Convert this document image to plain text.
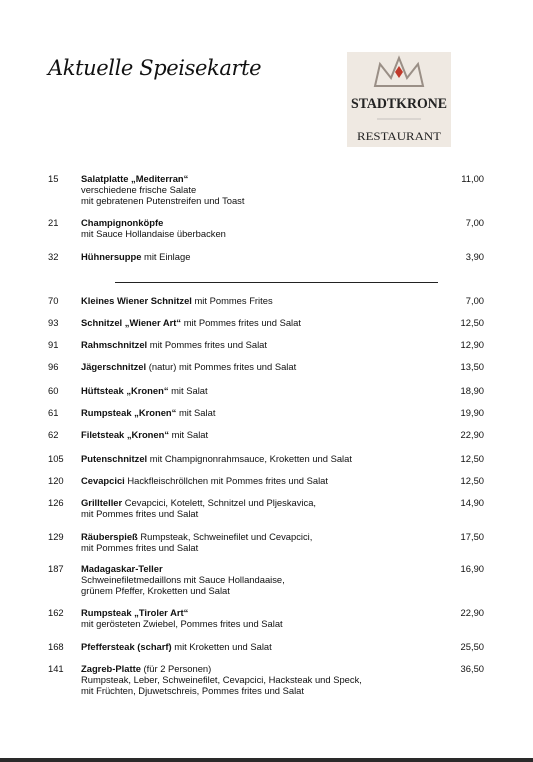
Aktuelle Speisekarte
STADTKRONE
RESTAURANT
15	Salatplatte „Mediterran“
verschiedene frische Salate
mit gebratenen Putenstreifen und Toast
11,00
21	Champignonköpfe
mit Sauce Hollandaise überbacken
7,00
32	Hühnersuppe mit Einlage	3,90
70	Kleines Wiener Schnitzel mit Pommes Frites	7,00
93	Schnitzel „Wiener Art“ mit Pommes frites und Salat	12,50
91	Rahmschnitzel mit Pommes frites und Salat	12,90
96	Jägerschnitzel (natur) mit Pommes frites und Salat	13,50
60	Hüftsteak „Kronen“ mit Salat	18,90
61	Rumpsteak „Kronen“ mit Salat	19,90
62	Filetsteak „Kronen“ mit Salat	22,90
105	Putenschnitzel mit Champignonrahmsauce, Kroketten und Salat	12,50
120	Cevapcici Hackfleischröllchen mit Pommes frites und Salat	12,50
126	Grillteller Cevapcici, Kotelett, Schnitzel und Pljeskavica,
mit Pommes frites und Salat
14,90
129	Räuberspieß Rumpsteak, Schweinefilet und Cevapcici,
mit Pommes frites und Salat
17,50
187	Madagaskar-Teller
Schweinefiletmedaillons mit Sauce Hollandaaise,
grünem Pfeffer, Kroketten und Salat
16,90
162	Rumpsteak „Tiroler Art“
mit gerösteten Zwiebel, Pommes frites und Salat
22,90
168	Pfeffersteak (scharf) mit Kroketten und Salat	25,50
141	Zagreb-Platte (für 2 Personen)
Rumpsteak, Leber, Schweinefilet, Cevapcici, Hacksteak und Speck,
mit Früchten, Djuwetschreis, Pommes frites und Salat
36,50
